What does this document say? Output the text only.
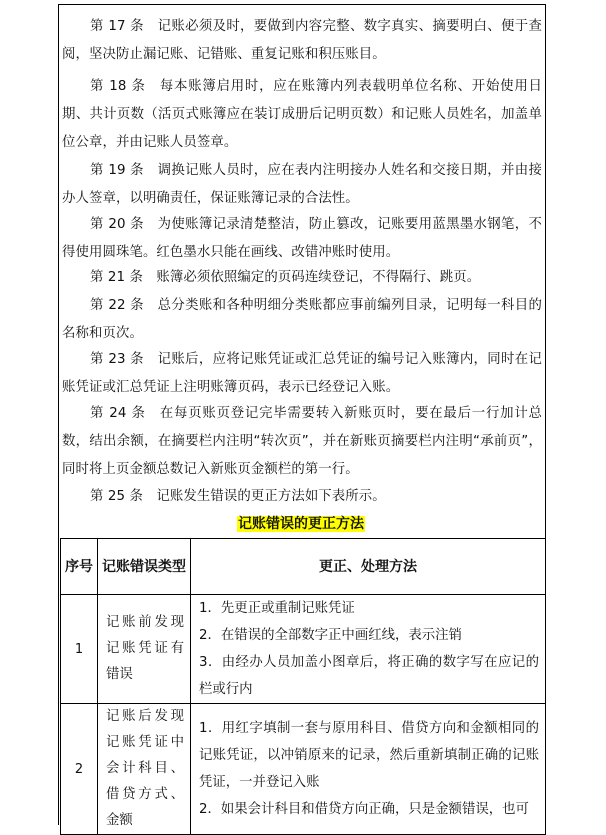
第 17 条　记账必须及时，要做到内容完整、数字真实、摘要明白、便于查阅，坚决防止漏记账、记错账、重复记账和积压账目。

第 18 条　每本账簿启用时，应在账簿内列表载明单位名称、开始使用日期、共计页数（活页式账簿应在装订成册后记明页数）和记账人员姓名，加盖单位公章，并由记账人员签章。

第 19 条　调换记账人员时，应在表内注明接办人姓名和交接日期，并由接办人签章，以明确责任，保证账簿记录的合法性。

第 20 条　为使账簿记录清楚整洁，防止篡改，记账要用蓝黑墨水钢笔，不得使用圆珠笔。红色墨水只能在画线、改错冲账时使用。

第 21 条　账簿必须依照编定的页码连续登记，不得隔行、跳页。

第 22 条　总分类账和各种明细分类账都应事前编列目录，记明每一科目的名称和页次。

第 23 条　记账后，应将记账凭证或汇总凭证的编号记入账簿内，同时在记账凭证或汇总凭证上注明账簿页码，表示已经登记入账。

第 24 条　在每页账页登记完毕需要转入新账页时，要在最后一行加计总数，结出余额，在摘要栏内注明“转次页”，并在新账页摘要栏内注明“承前页”，同时将上页金额总数记入新账页金额栏的第一行。

第 25 条　记账发生错误的更正方法如下表所示。

记账错误的更正方法
序号	记账错误类型	更正、处理方法
1	记账前发现记账凭证有错误	1．先更正或重制记账凭证
2．在错误的全部数字正中画红线，表示注销
3．由经办人员加盖小图章后，将正确的数字写在应记的栏或行内

2	记账后发现记账凭证中会计科目、借贷方式、金额	1．用红字填制一套与原用科目、借贷方向和金额相同的记账凭证，以冲销原来的记录，然后重新填制正确的记账凭证，一并登记入账
2．如果会计科目和借贷方向正确，只是金额错误，也可
